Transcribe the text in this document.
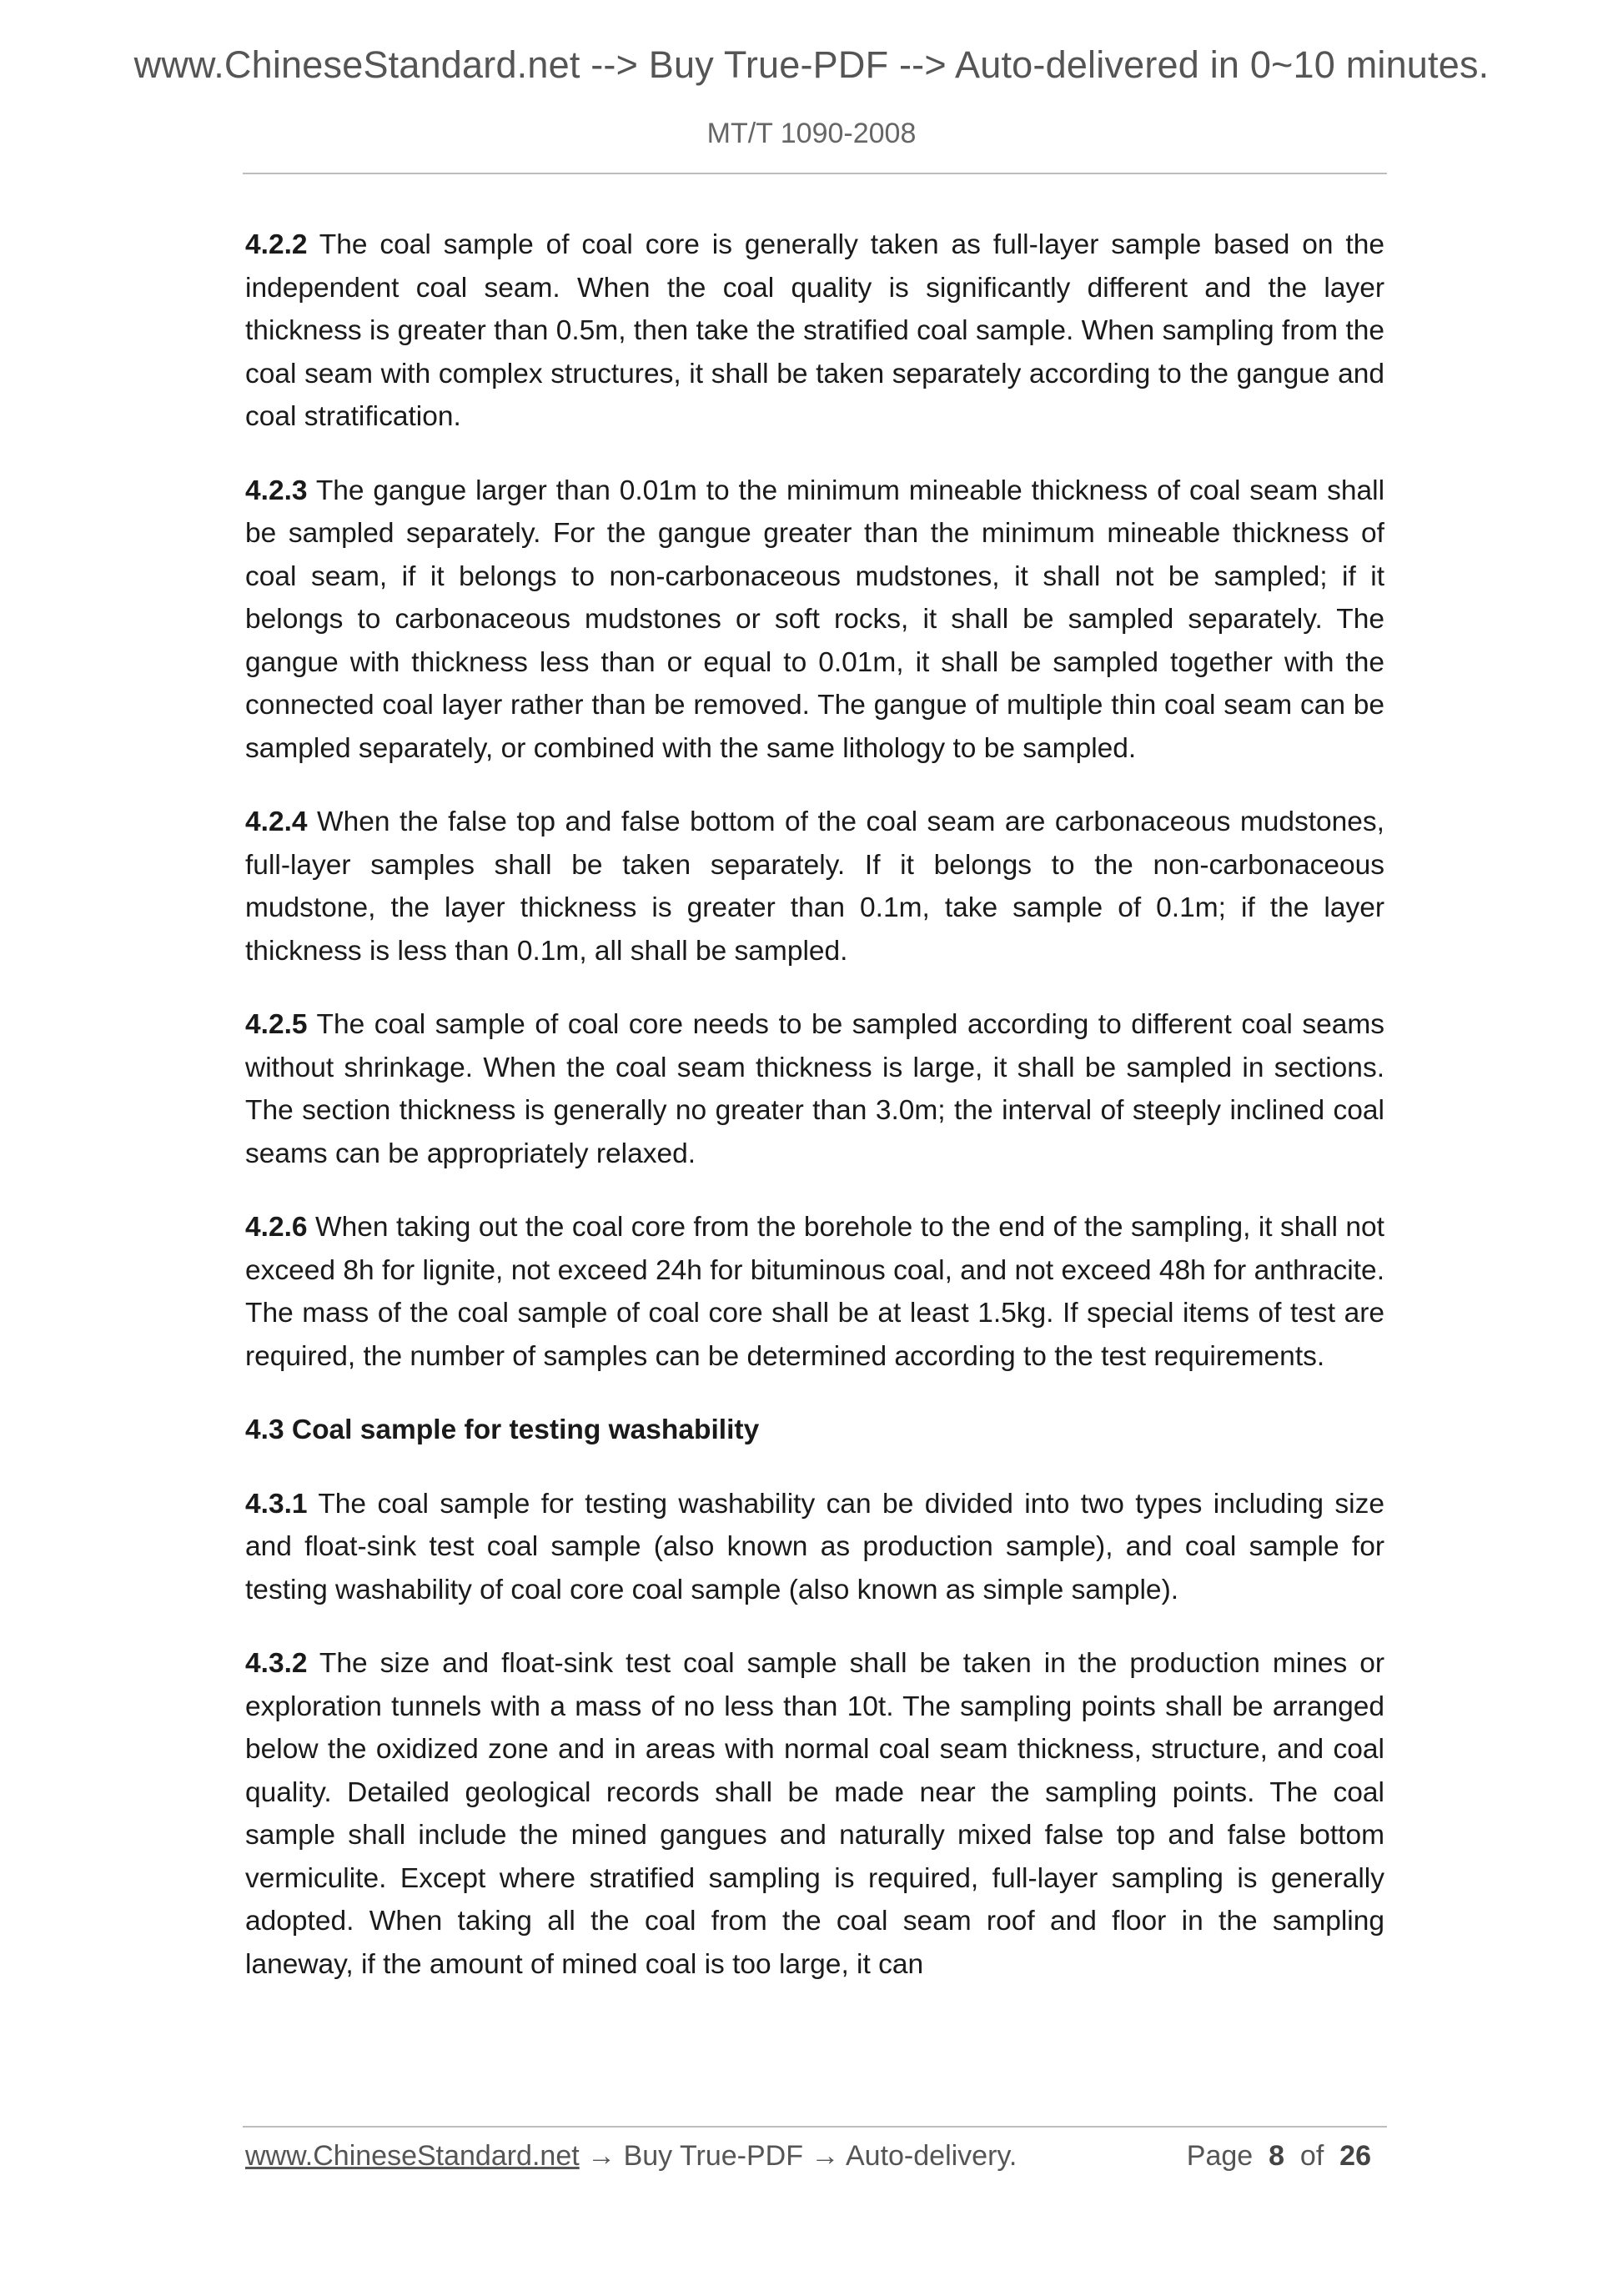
www.ChineseStandard.net --> Buy True-PDF --> Auto-delivered in 0~10 minutes.
MT/T 1090-2008

4.2.2 The coal sample of coal core is generally taken as full-layer sample based on the independent coal seam. When the coal quality is significantly different and the layer thickness is greater than 0.5m, then take the stratified coal sample. When sampling from the coal seam with complex structures, it shall be taken separately according to the gangue and coal stratification.

4.2.3 The gangue larger than 0.01m to the minimum mineable thickness of coal seam shall be sampled separately. For the gangue greater than the minimum mineable thickness of coal seam, if it belongs to non-carbonaceous mudstones, it shall not be sampled; if it belongs to carbonaceous mudstones or soft rocks, it shall be sampled separately. The gangue with thickness less than or equal to 0.01m, it shall be sampled together with the connected coal layer rather than be removed. The gangue of multiple thin coal seam can be sampled separately, or combined with the same lithology to be sampled.

4.2.4 When the false top and false bottom of the coal seam are carbonaceous mudstones, full-layer samples shall be taken separately. If it belongs to the non-carbonaceous mudstone, the layer thickness is greater than 0.1m, take sample of 0.1m; if the layer thickness is less than 0.1m, all shall be sampled.

4.2.5 The coal sample of coal core needs to be sampled according to different coal seams without shrinkage. When the coal seam thickness is large, it shall be sampled in sections. The section thickness is generally no greater than 3.0m; the interval of steeply inclined coal seams can be appropriately relaxed.

4.2.6 When taking out the coal core from the borehole to the end of the sampling, it shall not exceed 8h for lignite, not exceed 24h for bituminous coal, and not exceed 48h for anthracite. The mass of the coal sample of coal core shall be at least 1.5kg. If special items of test are required, the number of samples can be determined according to the test requirements.

4.3 Coal sample for testing washability

4.3.1 The coal sample for testing washability can be divided into two types including size and float-sink test coal sample (also known as production sample), and coal sample for testing washability of coal core coal sample (also known as simple sample).

4.3.2 The size and float-sink test coal sample shall be taken in the production mines or exploration tunnels with a mass of no less than 10t. The sampling points shall be arranged below the oxidized zone and in areas with normal coal seam thickness, structure, and coal quality. Detailed geological records shall be made near the sampling points. The coal sample shall include the mined gangues and naturally mixed false top and false bottom vermiculite. Except where stratified sampling is required, full-layer sampling is generally adopted. When taking all the coal from the coal seam roof and floor in the sampling laneway, if the amount of mined coal is too large, it can

www.ChineseStandard.net → Buy True-PDF → Auto-delivery.	Page 8 of 26
